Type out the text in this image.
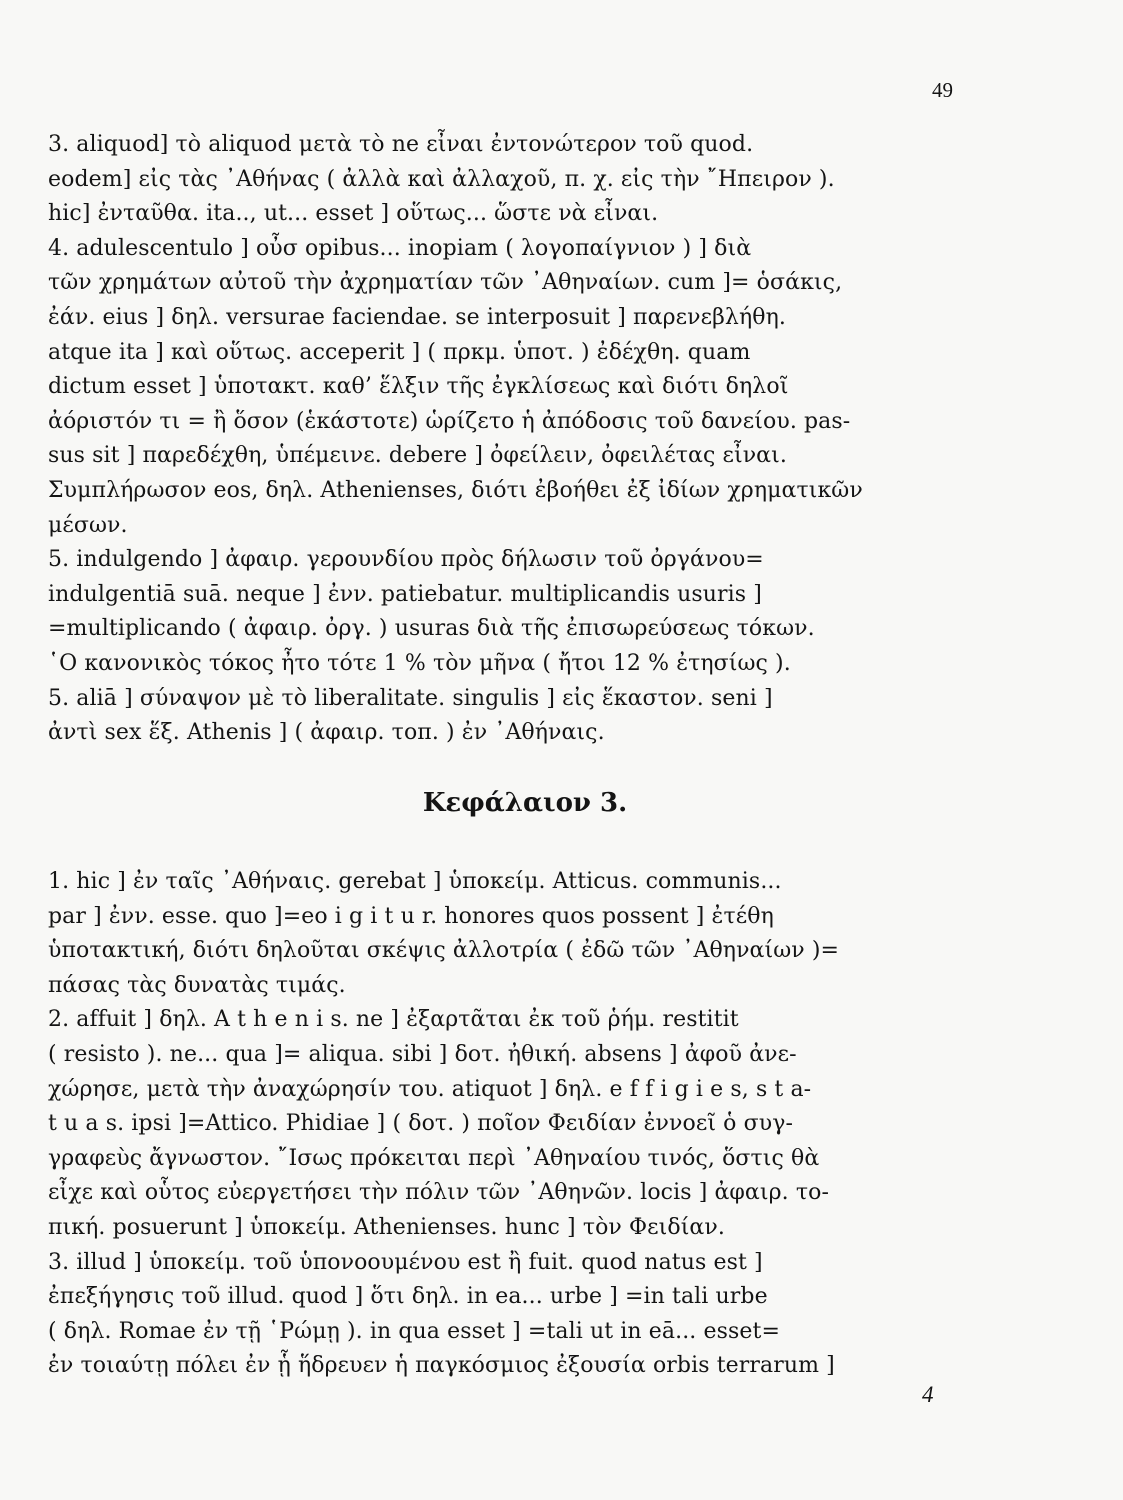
49
3. aliquod] τὸ aliquod μετὰ τὸ ne εἶναι ἐντονώτερον τοῦ quod.
eodem] εἰς τὰς ᾿Αθήνας ( ἀλλὰ καὶ ἀλλαχοῦ, π. χ. εἰς τὴν ῎Ηπειρον ).
hic] ἐνταῦθα. ita.., ut... esset ] οὕτως... ὥστε νὰ εἶναι.
4. adulescentulo ] οὖσ opibus... inopiam ( λογοπαίγνιον ) ] διὰ
τῶν χρημάτων αὐτοῦ τὴν ἀχρηματίαν τῶν ᾿Αθηναίων. cum ]= ὁσάκις,
ἐάν. eius ] δηλ. versurae faciendae. se interposuit ] παρενεβλήθη.
atque ita ] καὶ οὕτως. acceperit ] ( πρκμ. ὑποτ. ) ἐδέχθη. quam
dictum esset ] ὑποτακτ. καθ’ ἕλξιν τῆς ἐγκλίσεως καὶ διότι δηλοῖ
ἀόριστόν τι = ἢ ὅσον (ἑκάστοτε) ὡρίζετο ἡ ἀπόδοσις τοῦ δανείου. pas-
sus sit ] παρεδέχθη, ὑπέμεινε. debere ] ὀφείλειν, ὀφειλέτας εἶναι.
Συμπλήρωσον eos, δηλ. Athenienses, διότι ἐβοήθει ἐξ ἰδίων χρηματικῶν
μέσων.
5. indulgendo ] ἀφαιρ. γερουνδίου πρὸς δήλωσιν τοῦ ὀργάνου=
indulgentiā suā. neque ] ἐνν. patiebatur. multiplicandis usuris ]
=multiplicando ( ἀφαιρ. ὀργ. ) usuras διὰ τῆς ἐπισωρεύσεως τόκων.
῾Ο κανονικὸς τόκος ἦτο τότε 1 % τὸν μῆνα ( ἤτοι 12 % ἐτησίως ).
5. aliā ] σύναψον μὲ τὸ liberalitate. singulis ] εἰς ἕκαστον. seni ]
ἀντὶ sex ἕξ. Athenis ] ( ἀφαιρ. τοπ. ) ἐν ᾿Αθήναις.
Κεφάλαιον 3.
1. hic ] ἐν ταῖς ᾿Αθήναις. gerebat ] ὑποκείμ. Atticus. communis...
par ] ἐνν. esse. quo ]=eo i g i t u r. honores quos possent ] ἐτέθη
ὑποτακτική, διότι δηλοῦται σκέψις ἀλλοτρία ( ἐδῶ τῶν ᾿Αθηναίων )=
πάσας τὰς δυνατὰς τιμάς.
2. affuit ] δηλ. A t h e n i s. ne ] ἐξαρτᾶται ἐκ τοῦ ῥήμ. restitit
( resisto ). ne... qua ]= aliqua. sibi ] δοτ. ἠθική. absens ] ἀφοῦ ἀνε-
χώρησε, μετὰ τὴν ἀναχώρησίν του. atiquot ] δηλ. e f f i g i e s, s t a-
t u a s. ipsi ]=Attico. Phidiae ] ( δοτ. ) ποῖον Φειδίαν ἐννοεῖ ὁ συγ-
γραφεὺς ἄγνωστον. ῎Ισως πρόκειται περὶ ᾿Αθηναίου τινός, ὅστις θὰ
εἶχε καὶ οὗτος εὐεργετήσει τὴν πόλιν τῶν ᾿Αθηνῶν. locis ] ἀφαιρ. το-
πική. posuerunt ] ὑποκείμ. Athenienses. hunc ] τὸν Φειδίαν.
3. illud ] ὑποκείμ. τοῦ ὑπονοουμένου est ἢ fuit. quod natus est ]
ἐπεξήγησις τοῦ illud. quod ] ὅτι δηλ. in ea... urbe ] =in tali urbe
( δηλ. Romae ἐν τῇ ῾Ρώμῃ ). in qua esset ] =tali ut in eā... esset=
ἐν τοιαύτῃ πόλει ἐν ᾗ ἥδρευεν ἡ παγκόσμιος ἐξουσία orbis terrarum ]
4
